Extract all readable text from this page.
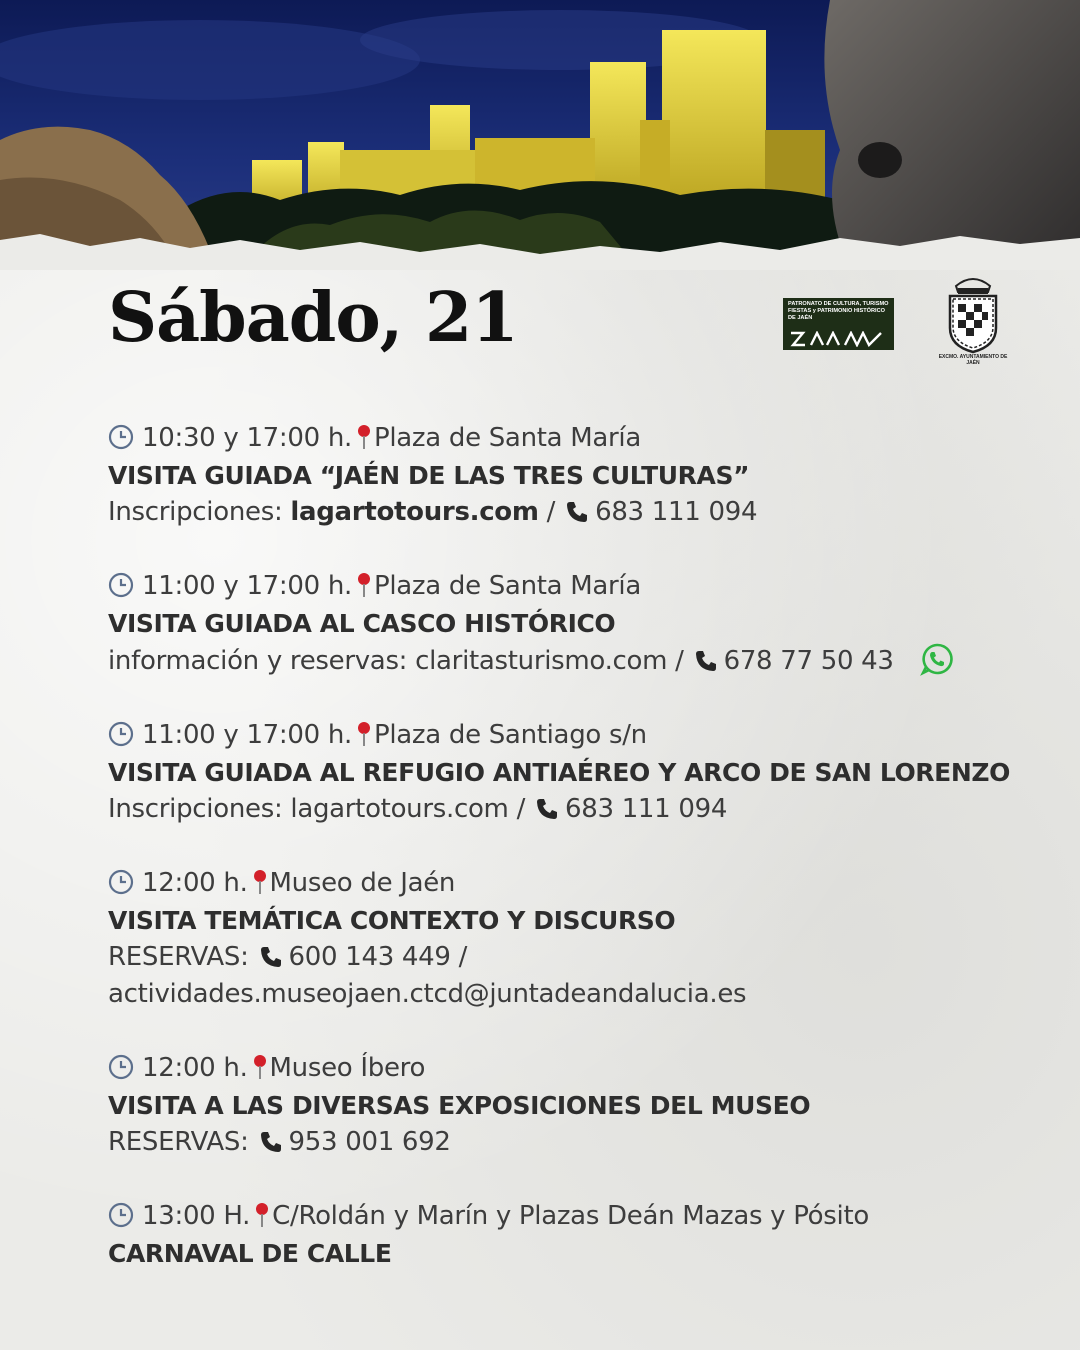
Sábado, 21	PATRONATO DE CULTURA, TURISMO FIESTAS y PATRIMONIO HISTÓRICO DE JAÉN
EXCMO. AYUNTAMIENTO DE JAÉN
10:30 y 17:00 h. Plaza de Santa María
VISITA GUIADA “JAÉN DE LAS TRES CULTURAS”
Inscripciones: lagartotours.com / 683 111 094
11:00 y 17:00 h. Plaza de Santa María
VISITA GUIADA AL CASCO HISTÓRICO
información y reservas: claritasturismo.com / 678 77 50 43
11:00 y 17:00 h. Plaza de Santiago s/n
VISITA GUIADA AL REFUGIO ANTIAÉREO Y ARCO DE SAN LORENZO
Inscripciones: lagartotours.com / 683 111 094
12:00 h. Museo de Jaén
VISITA TEMÁTICA CONTEXTO Y DISCURSO
RESERVAS: 600 143 449 /
actividades.museojaen.ctcd@juntadeandalucia.es
12:00 h. Museo Íbero
VISITA A LAS DIVERSAS EXPOSICIONES DEL MUSEO
RESERVAS: 953 001 692
13:00 H. C/Roldán y Marín y Plazas Deán Mazas y Pósito
CARNAVAL DE CALLE
